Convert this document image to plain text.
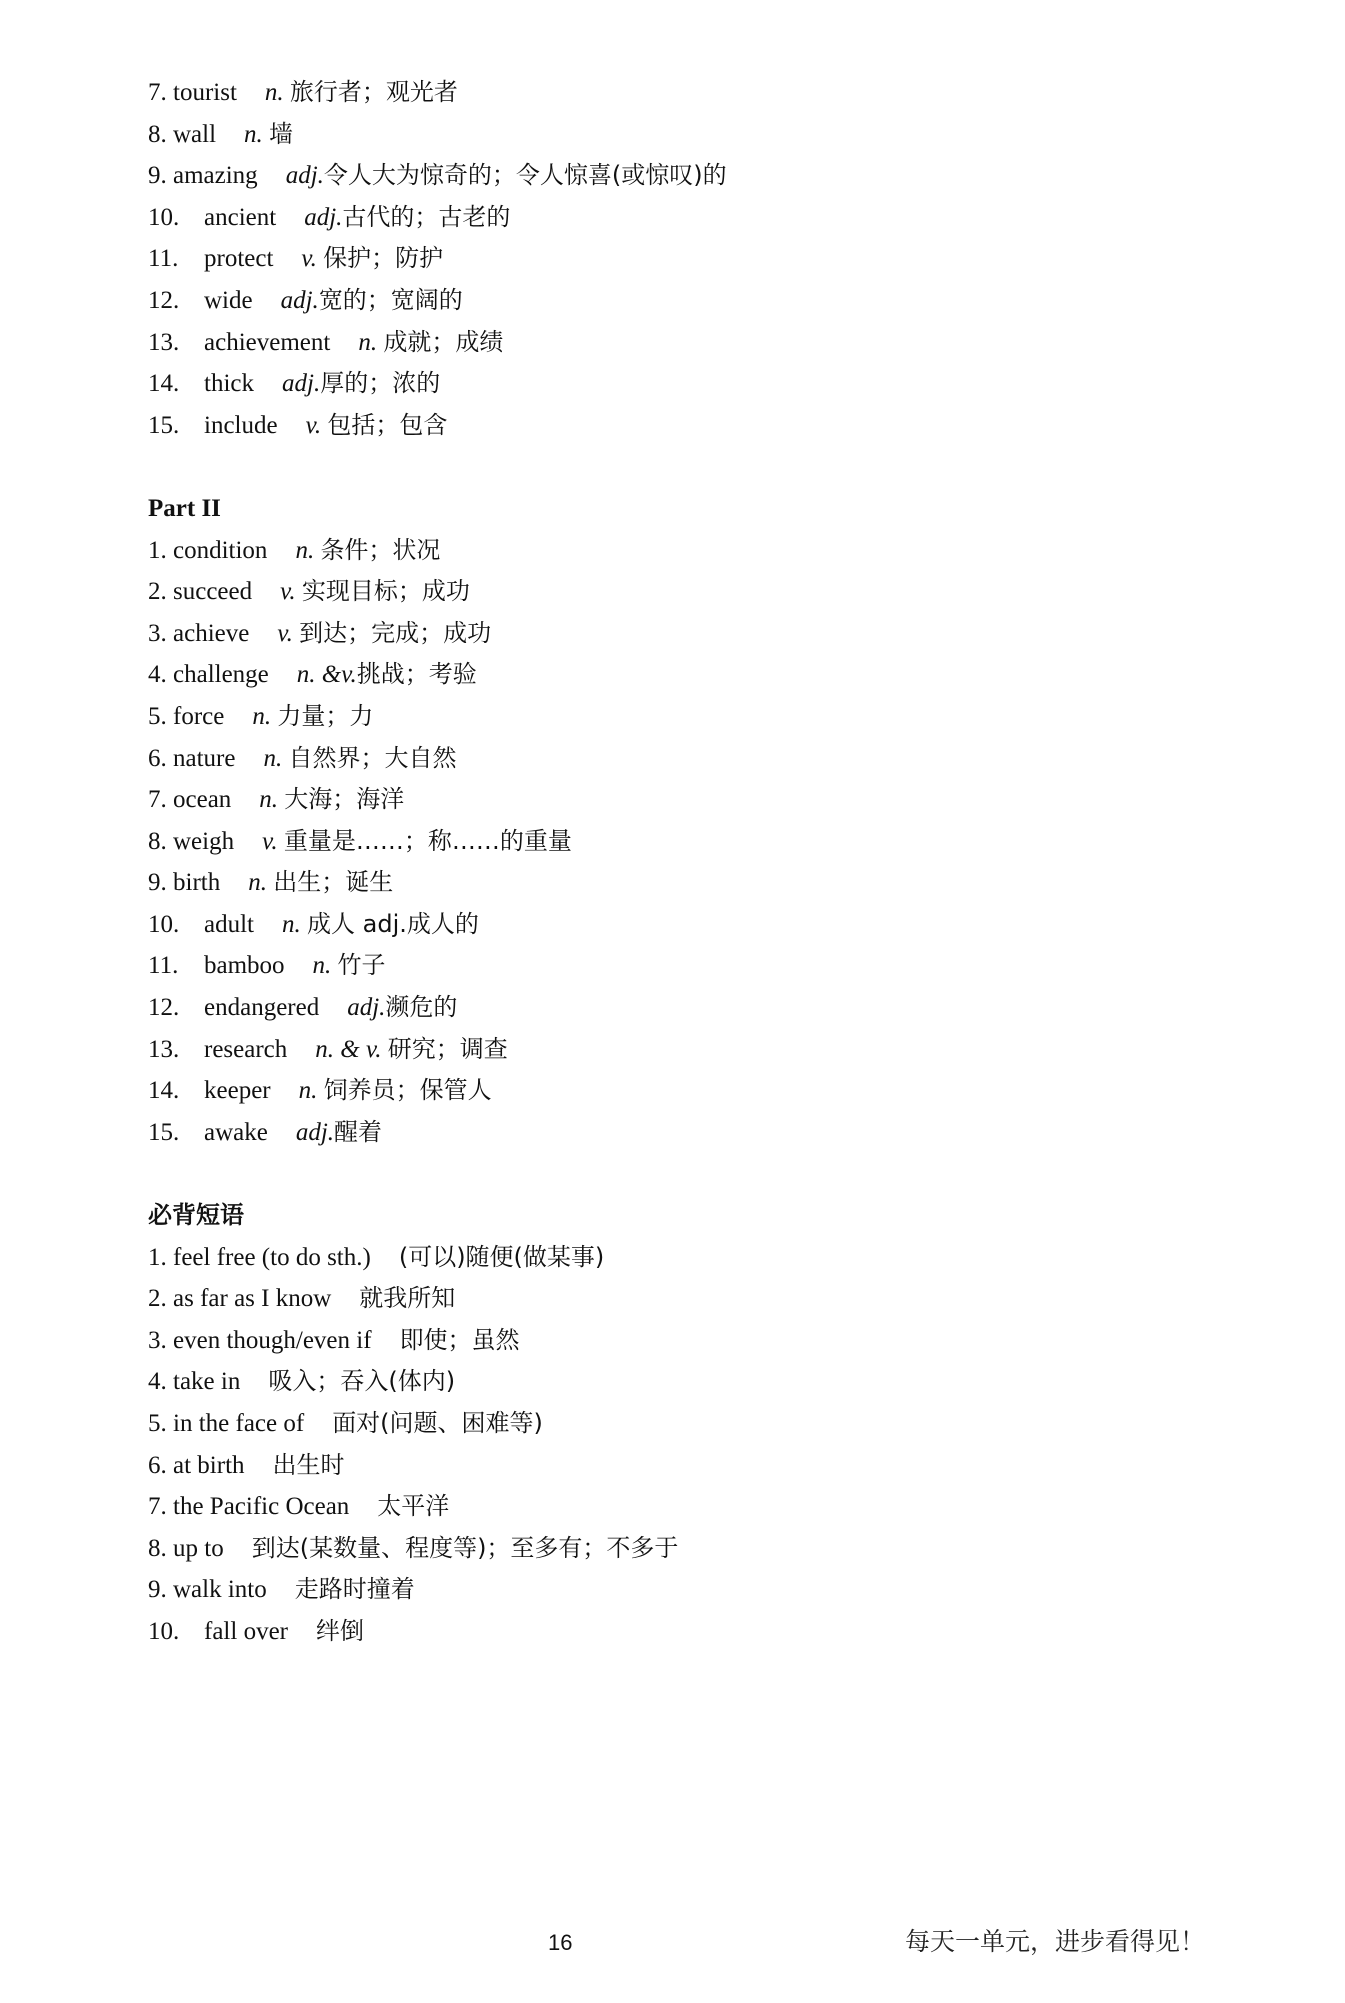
7. tourist n. 旅行者；观光者
8. wall n. 墙
9. amazing adj.令人大为惊奇的；令人惊喜(或惊叹)的
10. ancient adj.古代的；古老的
11. protect v. 保护；防护
12. wide adj.宽的；宽阔的
13. achievement n. 成就；成绩
14. thick adj.厚的；浓的
15. include v. 包括；包含
Part II
1. condition n. 条件；状况
2. succeed v. 实现目标；成功
3. achieve v. 到达；完成；成功
4. challenge n. &v.挑战；考验
5. force n. 力量；力
6. nature n. 自然界；大自然
7. ocean n. 大海；海洋
8. weigh v. 重量是……；称……的重量
9. birth n. 出生；诞生
10. adult n. 成人 adj.成人的
11. bamboo n. 竹子
12. endangered adj.濒危的
13. research n. & v. 研究；调查
14. keeper n. 饲养员；保管人
15. awake adj.醒着
必背短语
1. feel free (to do sth.) (可以)随便(做某事)
2. as far as I know 就我所知
3. even though/even if 即使；虽然
4. take in 吸入；吞入(体内)
5. in the face of 面对(问题、困难等)
6. at birth 出生时
7. the Pacific Ocean 太平洋
8. up to 到达(某数量、程度等)；至多有；不多于
9. walk into 走路时撞着
10. fall over 绊倒
16	每天一单元，进步看得见！
